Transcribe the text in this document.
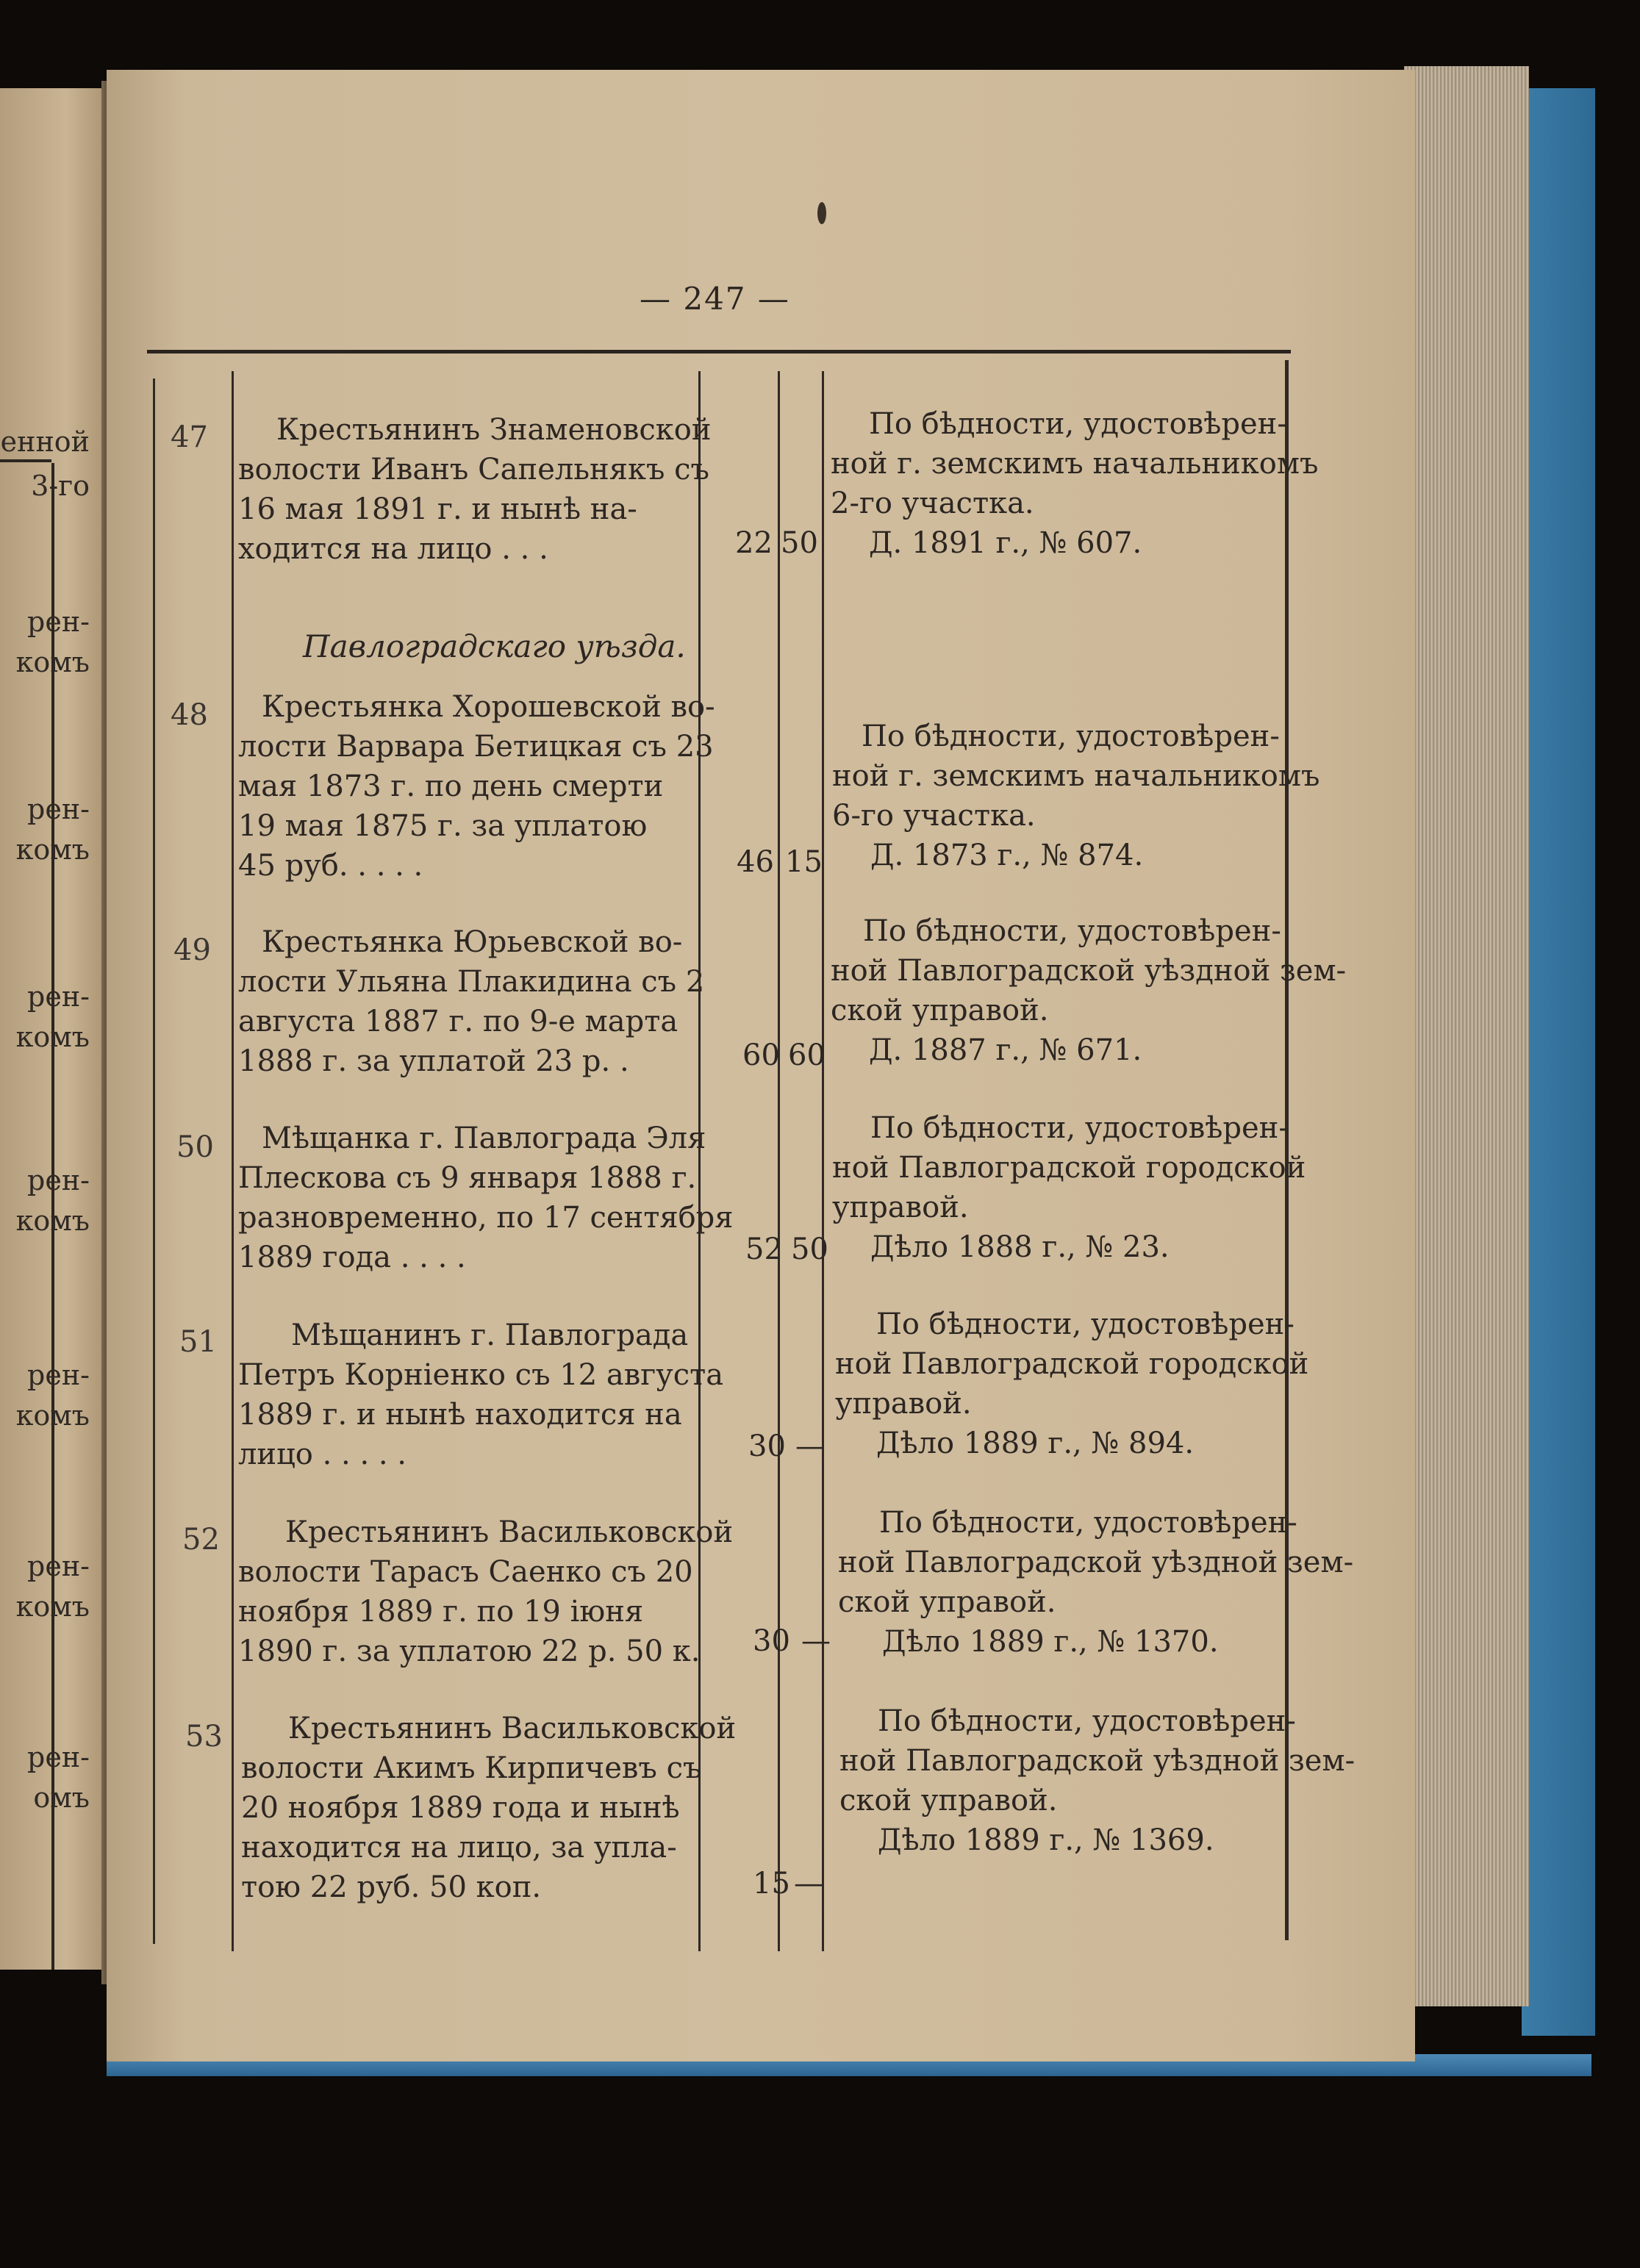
енной
3-го
рен-
комъ
рен-
комъ
рен-
комъ
рен-
комъ
рен-
комъ
рен-
комъ
рен-
омъ
— 247 —
Павлоградскаго уѣзда.
47	Крестьянинъ Знаменовской
волости Иванъ Сапельнякъ съ
16 мая 1891 г. и нынѣ на-
ходится на лицо . . .	22 50
По бѣдности, удостовѣрен-
ной г. земскимъ начальникомъ
2-го участка.
Д. 1891 г., № 607.
48	Крестьянка Хорошевской во-
лости Варвара Бетицкая съ 23
мая 1873 г. по день смерти
19 мая 1875 г. за уплатою
45 руб. . . . .	46 15
По бѣдности, удостовѣрен-
ной г. земскимъ начальникомъ
6-го участка.
Д. 1873 г., № 874.
49	Крестьянка Юрьевской во-
лости Ульяна Плакидина съ 2
августа 1887 г. по 9-е марта
1888 г. за уплатой 23 р. .	60 60
По бѣдности, удостовѣрен-
ной Павлоградской уѣздной зем-
ской управой.
Д. 1887 г., № 671.
50	Мѣщанка г. Павлограда Эля
Плескова съ 9 января 1888 г.
разновременно, по 17 сентября
1889 года . . . .	52 50
По бѣдности, удостовѣрен-
ной Павлоградской городской
управой.
Дѣло 1888 г., № 23.
51	Мѣщанинъ г. Павлограда
Петръ Корніенко съ 12 августа
1889 г. и нынѣ находится на
лицо . . . . .	30 —
По бѣдности, удостовѣрен-
ной Павлоградской городской
управой.
Дѣло 1889 г., № 894.
52	Крестьянинъ Васильковской
волости Тарасъ Саенко съ 20
ноября 1889 г. по 19 іюня
1890 г. за уплатою 22 р. 50 к.	30 —
По бѣдности, удостовѣрен-
ной Павлоградской уѣздной зем-
ской управой.
Дѣло 1889 г., № 1370.
53	Крестьянинъ Васильковской
волости Акимъ Кирпичевъ съ
20 ноября 1889 года и нынѣ
находится на лицо, за упла-
тою 22 руб. 50 коп.	15 —
По бѣдности, удостовѣрен-
ной Павлоградской уѣздной зем-
ской управой.
Дѣло 1889 г., № 1369.
